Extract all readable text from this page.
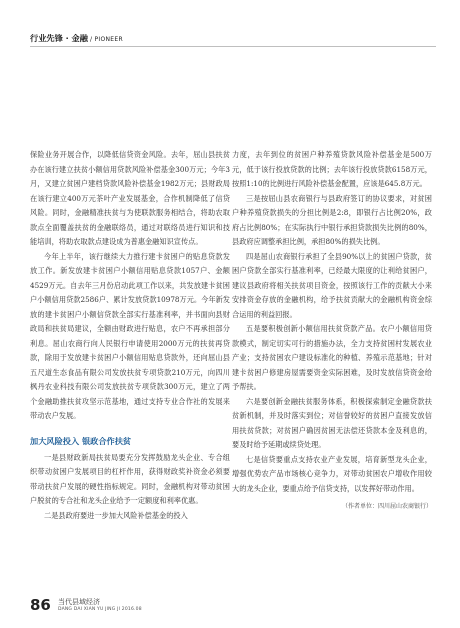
行业先锋 · 金融 / PIONEER

保险业务开展合作，以降低信贷资金风险。去年，屈山县扶贫办在该行建立扶贫小额信用贷款风险补偿基金300万元；今年3月，又建立贫困户建档贷款风险补偿基金1982万元；县财政局在该行建立400万元茶叶产业发展基金，合作机制降低了信贷风险。同时，金融精准扶贫与为使联款服务相结合，将助农取款点全面覆盖扶贫的金融联络员，通过对联络员进行知识和技能培训，将助农取款点建设成为普惠金融知识宣传点。

今年上半年，该行继续大力推行建卡贫困户的贴息贷款发放工作。新发放建卡贫困户小额信用贴息贷款1057户、金额4529万元。自去年三月份启动此项工作以来，共发放建卡贫困户小额信用贷款2586户、累计发放贷款10978万元。今年新发放的建卡贫困户小额信贷款全部实行基准利率，并书面向县财政局和扶贫局建议，全额由财政进行贴息，农户不再承担部分利息。屈山农商行向人民银行申请使用2000万元的扶贫再贷款，除用于发放建卡贫困户小额信用贴息贷款外，还向屈山县五尺道生态食品有限公司发放扶贫专项贷款210万元，向四川枫丹农业科技有限公司发放扶贫专项贷款300万元，建立了两个金融助推扶贫攻坚示范基地，通过支持专业合作社的发展来带动农户发展。

加大风险投入 银政合作扶贫

一是县财政新局扶贫局要充分发挥鼓励龙头企业、专合组织带动贫困户发展项目的杠杆作用，获得财政奖补资金必须要带动扶贫户发展的硬性指标规定。同时，金融机构对带动贫困户脱贫的专合社和龙头企业给予一定额度和利率优惠。

二是县政府要进一步加大风险补偿基金的投入

力度，去年到位的贫困户种养殖贷款风险补偿基金是500万元，低于该行投放贷款的比例；去年该行投放贷款6158万元，按照1:10的比例进行风险补偿基金配置，应该是645.8万元。

三是按屈山县农商银行与县政府签订的协议要求，对贫困户种养殖贷款损失的分担比例是2:8，即银行占比例20%，政府占比例80%；在实际执行中银行承担贷款损失比例的80%，县政府应调整承担比例，承担80%的损失比例。

四是屈山农商银行承担了全县90%以上的贫困户贷款，贫困户贷款全部实行基准利率，已经最大限度的让利给贫困户，建议县政府将相关扶贫项目资金，按照该行工作的贡献大小来安排资金存放的金融机构，给予扶贫贡献大的金融机构资金综合运用的利益回报。

五是要积极创新小额信用扶贫贷款产品。农户小额信用贷款模式，制定切实可行的措施办法，全力支持贫困村发展农业产业；支持贫困农户建设标准化的种植、养殖示范基地；针对建卡贫困户修建房屋需要资金实际困难，及时发放信贷资金给予帮扶。

六是要创新金融扶贫服务体系，积极探索制定金融贷款扶贫新机制，并及时落实到位；对信誉较好的贫困户直接发放信用扶贫贷款；对贫困户确因贫困无法偿还贷款本金及利息的，要及时给予延期或续贷处理。

七是信贷要重点支持农业产业发展，培育新型龙头企业，增强优势农产品市场核心竞争力，对带动贫困农户增收作用较大的龙头企业，要重点给予信贷支持，以发挥好带动作用。

（作者单位：四川屈山农商银行）
86 当代县域经济
DANG DAI XIAN YU JING JI 2016.08
